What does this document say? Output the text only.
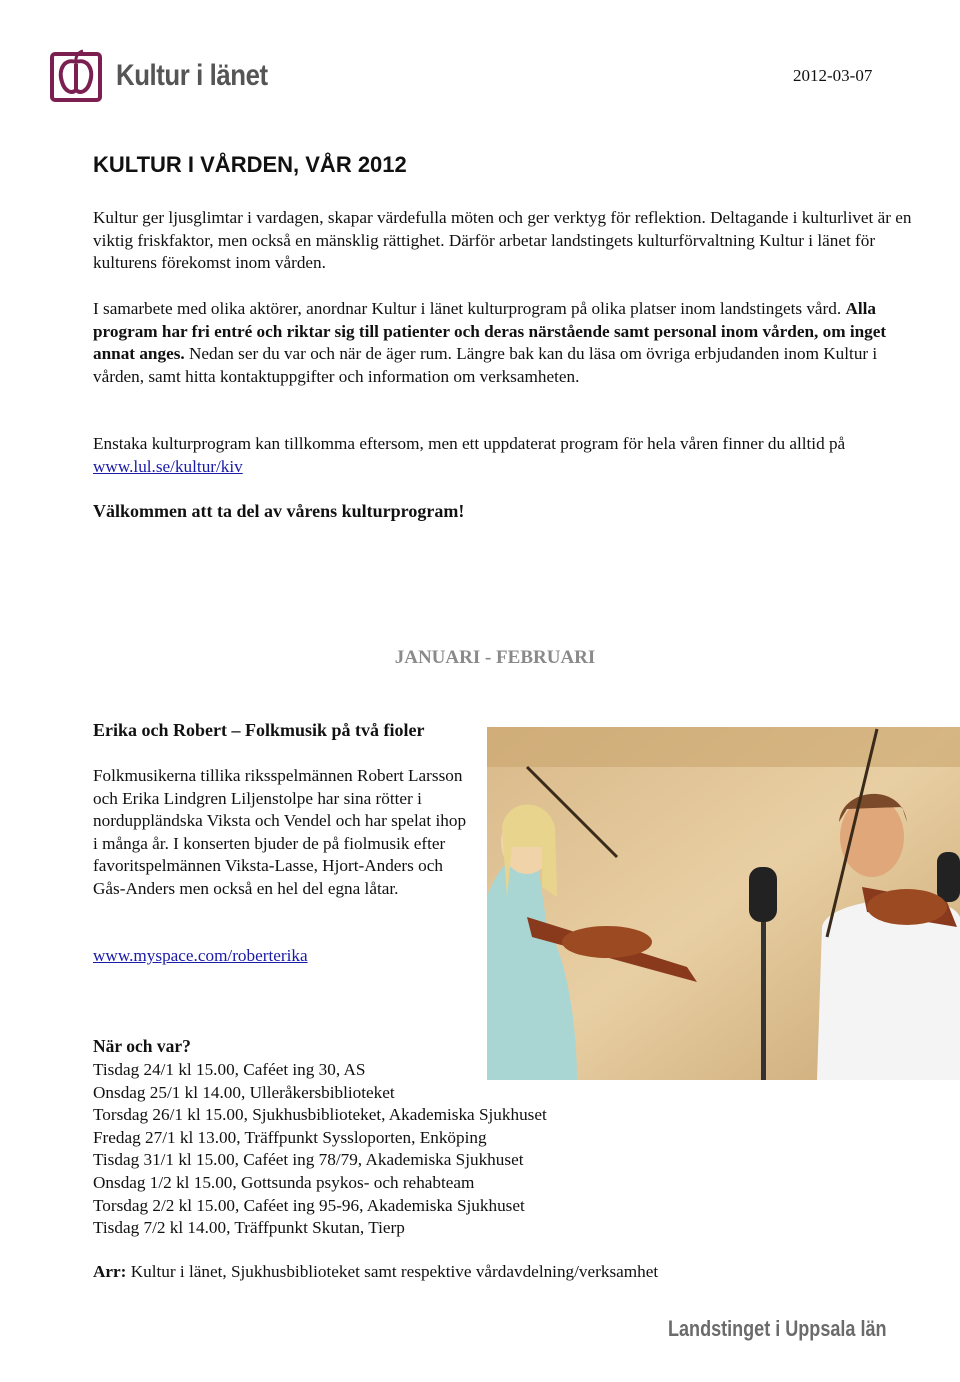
Kultur i länet	2012-03-07
KULTUR I VÅRDEN, VÅR 2012

Kultur ger ljusglimtar i vardagen, skapar värdefulla möten och ger verktyg för reflektion. Deltagande i kulturlivet är en viktig friskfaktor, men också en mänsklig rättighet. Därför arbetar landstingets kulturförvaltning Kultur i länet för kulturens förekomst inom vården.

I samarbete med olika aktörer, anordnar Kultur i länet kulturprogram på olika platser inom landstingets vård. Alla program har fri entré och riktar sig till patienter och deras närstående samt personal inom vården, om inget annat anges. Nedan ser du var och när de äger rum. Längre bak kan du läsa om övriga erbjudanden inom Kultur i vården, samt hitta kontaktuppgifter och information om verksamheten.

Enstaka kulturprogram kan tillkomma eftersom, men ett uppdaterat program för hela våren finner du alltid på www.lul.se/kultur/kiv

Välkommen att ta del av vårens kulturprogram!

JANUARI - FEBRUARI
Erika och Robert – Folkmusik på två fioler

Folkmusikerna tillika riksspelmännen Robert Larsson och Erika Lindgren Liljenstolpe har sina rötter i norduppländska Viksta och Vendel och har spelat ihop i många år. I konserten bjuder de på fiolmusik efter favoritspelmännen Viksta-Lasse, Hjort-Anders och Gås-Anders men också en hel del egna låtar.

www.myspace.com/roberterika

När och var?

Tisdag 24/1 kl 15.00, Caféet ing 30, AS
Onsdag 25/1 kl 14.00, Ulleråkersbiblioteket
Torsdag 26/1 kl 15.00, Sjukhusbiblioteket, Akademiska Sjukhuset
Fredag 27/1 kl 13.00, Träffpunkt Syssloporten, Enköping
Tisdag 31/1 kl 15.00, Caféet ing 78/79, Akademiska Sjukhuset
Onsdag 1/2 kl 15.00, Gottsunda psykos- och rehabteam
Torsdag 2/2 kl 15.00, Caféet ing 95-96, Akademiska Sjukhuset
Tisdag 7/2 kl 14.00, Träffpunkt Skutan, Tierp

Arr: Kultur i länet, Sjukhusbiblioteket samt respektive vårdavdelning/verksamhet

Landstinget i Uppsala län
